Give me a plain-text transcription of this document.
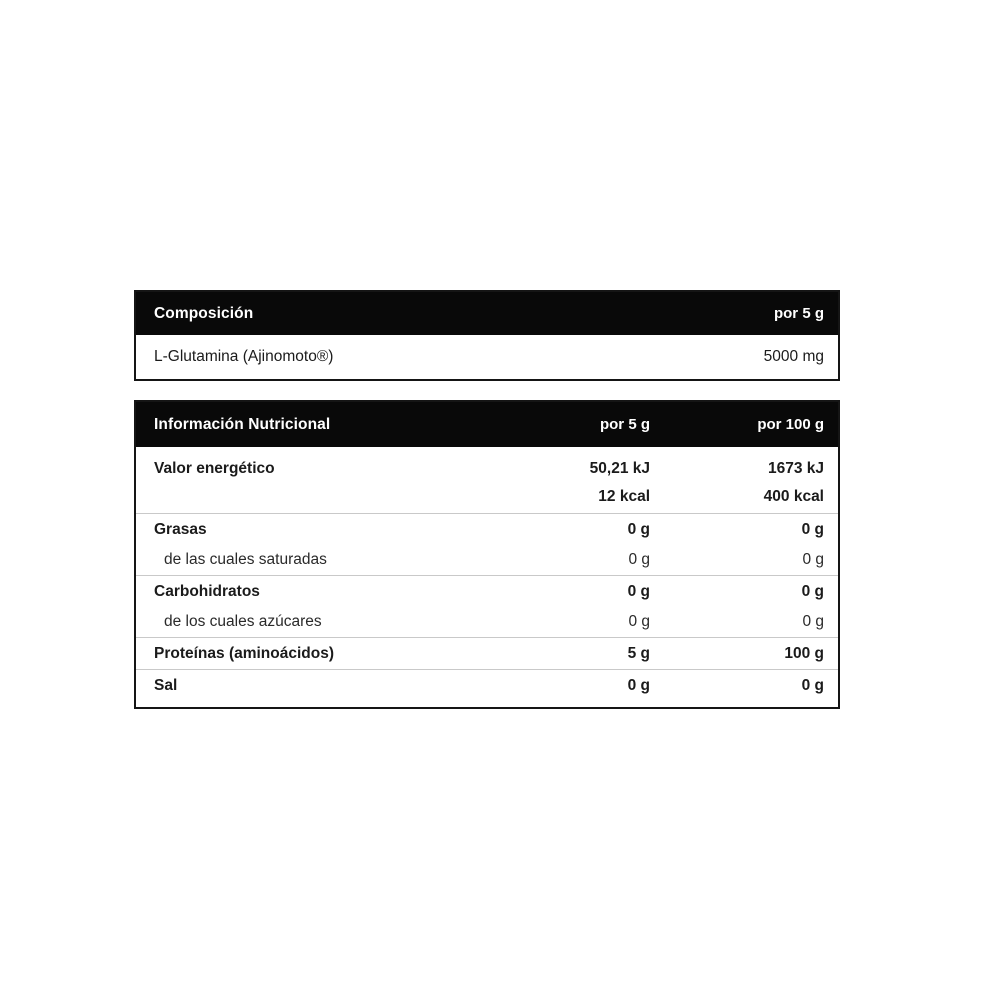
Composición	por 5 g
L-Glutamina (Ajinomoto®)	5000 mg
Información Nutricional	por 5 g	por 100 g
Valor energético	50,21 kJ	1673 kJ
12 kcal	400 kcal
Grasas	0 g	0 g
de las cuales saturadas	0 g	0 g
Carbohidratos	0 g	0 g
de los cuales azúcares	0 g	0 g
Proteínas (aminoácidos)	5 g	100 g
Sal	0 g	0 g
